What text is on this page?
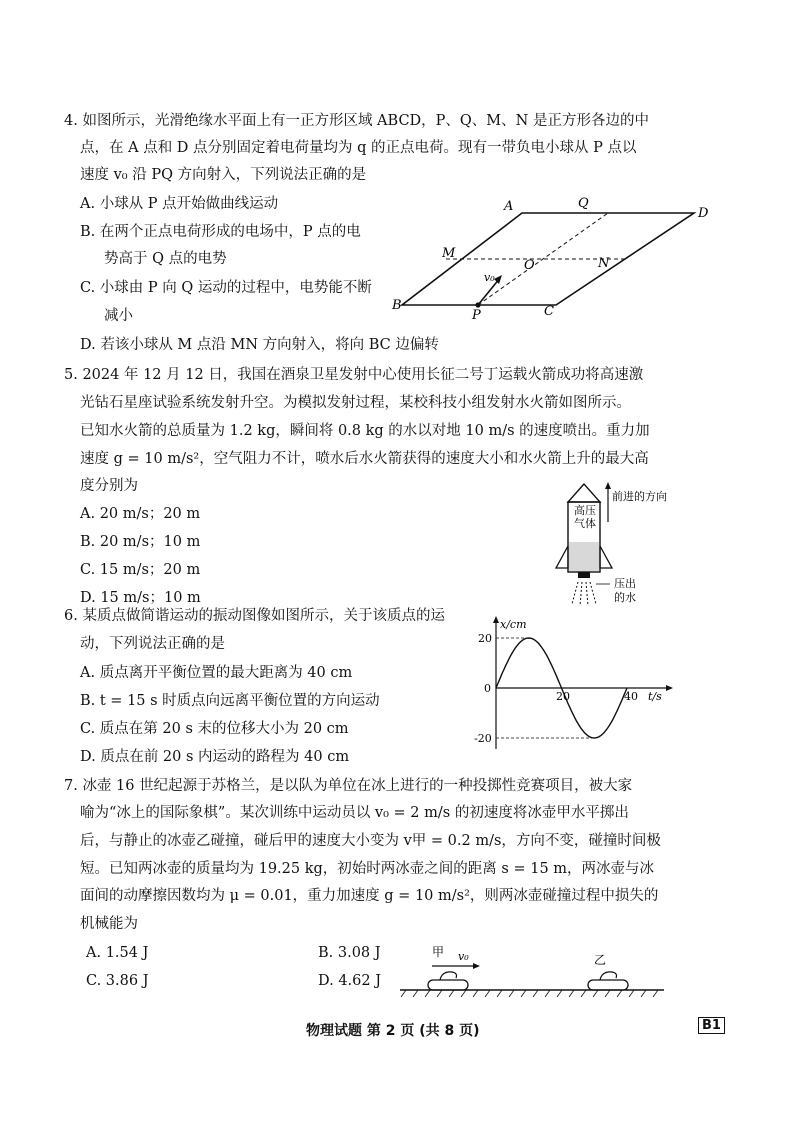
4. 如图所示，光滑绝缘水平面上有一正方形区域 ABCD，P、Q、M、N 是正方形各边的中
点，在 A 点和 D 点分别固定着电荷量均为 q 的正点电荷。现有一带负电小球从 P 点以
速度 v₀ 沿 PQ 方向射入，下列说法正确的是
A. 小球从 P 点开始做曲线运动
B. 在两个正点电荷形成的电场中，P 点的电
势高于 Q 点的电势
C. 小球由 P 向 Q 运动的过程中，电势能不断
减小
D. 若该小球从 M 点沿 MN 方向射入，将向 BC 边偏转
A	Q
D
M
O	N
B
P	C
v₀
5. 2024 年 12 月 12 日，我国在酒泉卫星发射中心使用长征二号丁运载火箭成功将高速激
光钻石星座试验系统发射升空。为模拟发射过程，某校科技小组发射水火箭如图所示。
已知水火箭的总质量为 1.2 kg，瞬间将 0.8 kg 的水以对地 10 m/s 的速度喷出。重力加
速度 g = 10 m/s²，空气阻力不计，喷水后水火箭获得的速度大小和水火箭上升的最大高
度分别为
A. 20 m/s；20 m
B. 20 m/s；10 m
C. 15 m/s；20 m
D. 15 m/s；10 m
前进的方向
高压
气体
压出
的水
6. 某质点做简谐运动的振动图像如图所示，关于该质点的运
动，下列说法正确的是
A. 质点离开平衡位置的最大距离为 40 cm
B. t = 15 s 时质点向远离平衡位置的方向运动
C. 质点在第 20 s 末的位移大小为 20 cm
D. 质点在前 20 s 内运动的路程为 40 cm
x/cm
t/s
20
0
-20
20	40
7. 冰壶 16 世纪起源于苏格兰，是以队为单位在冰上进行的一种投掷性竞赛项目，被大家
喻为“冰上的国际象棋”。某次训练中运动员以 v₀ = 2 m/s 的初速度将冰壶甲水平掷出
后，与静止的冰壶乙碰撞，碰后甲的速度大小变为 v甲 = 0.2 m/s，方向不变，碰撞时间极
短。已知两冰壶的质量均为 19.25 kg，初始时两冰壶之间的距离 s = 15 m，两冰壶与冰
面间的动摩擦因数均为 μ = 0.01，重力加速度 g = 10 m/s²，则两冰壶碰撞过程中损失的
机械能为
A. 1.54 J	B. 3.08 J
C. 3.86 J	D. 4.62 J
甲 v₀	乙
物理试题 第 2 页 (共 8 页)	B1
